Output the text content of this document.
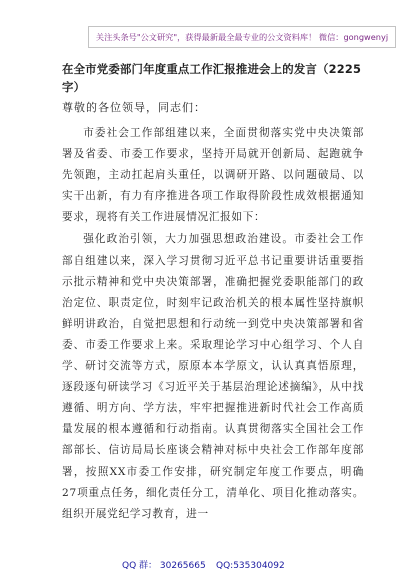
关注头条号"公文研究"，获得最新最全最专业的公文资料库！ 微信：gongwenyj
在全市党委部门年度重点工作汇报推进会上的发言（2225字）
尊敬的各位领导，同志们：

市委社会工作部组建以来，全面贯彻落实党中央决策部署及省委、市委工作要求，坚持开局就开创新局、起跑就争先领跑，主动扛起肩头重任，以调研开路、以问题破局、以实干出新，有力有序推进各项工作取得阶段性成效根据通知要求，现将有关工作进展情况汇报如下：

强化政治引领，大力加强思想政治建设。市委社会工作部自组建以来，深入学习贯彻习近平总书记重要讲话重要指示批示精神和党中央决策部署，准确把握党委职能部门的政治定位、职责定位，时刻牢记政治机关的根本属性坚持旗帜鲜明讲政治，自觉把思想和行动统一到党中央决策部署和省委、市委工作要求上来。采取理论学习中心组学习、个人自学、研讨交流等方式，原原本本学原文，认认真真悟原理，逐段逐句研读学习《习近平关于基层治理论述摘编》，从中找遵循、明方向、学方法，牢牢把握推进新时代社会工作高质量发展的根本遵循和行动指南。认真贯彻落实全国社会工作部部长、信访局局长座谈会精神对标中央社会工作部年度部署，按照XX市委工作安排，研究制定年度工作要点，明确27项重点任务，细化责任分工，清单化、项目化推动落实。组织开展党纪学习教育，进一

QQ 群： 30265665 QQ:535304092
